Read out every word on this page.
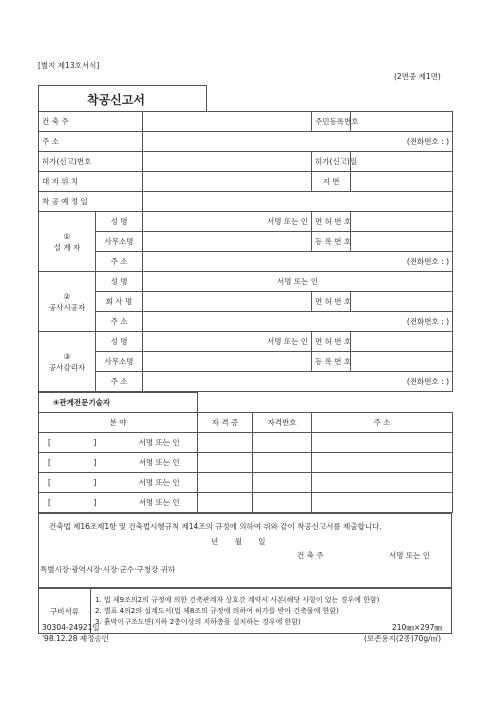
[별지 제13호서식]
(2면중 제1면)
착공신고서
건 축 주			주민등록번호	
주 소		(전화번호 : )		
허가(신고)번호			허가(신고)일	
대 지 위 치			지 번	
착 공 예 정 일				
①
설 계 자	성 명	서명 또는 인	면 허 번 호	
	사무소명		등 록 번 호	
	주 소	(전화번호 : )		
②
공사시공자	성 명	서명 또는 인		
	회 사 명		면 허 번 호	
	주 소	(전화번호 : )		
③
공사감리자	성 명	서명 또는 인	면 허 번 호	
	사무소명		등 록 번 호	
	주 소	(전화번호 : )		
④관계전문기술자			
분 야	자 격 증	자격번호	주 소
[ ] 서명 또는 인			
[ ] 서명 또는 인			
[ ] 서명 또는 인			
[ ] 서명 또는 인			
건축법 제16조제1항 및 건축법시행규칙 제14조의 규정에 의하여 위와 같이 착공신고서를 제출합니다.
년 월 일
건 축 주	서명 또는 인
특별시장·광역시장·시장·군수·구청장 귀하
구비서류	
1. 법 제9조의2의 규정에 의한 건축관계자 상호간 계약서 사본(해당 사항이 있는 경우에 한함)
2. 별표 4의2의 설계도서(법 제8조의 규정에 의하여 허가를 받아 건축물에 한함)
3. 흙막이구조도면(지하 2층이상의 지하층을 설치하는 경우에 한함)
30304-24921일	210㎜×297㎜
'98.12.28 제정승인	(보존용지(2종)70g/㎡)
